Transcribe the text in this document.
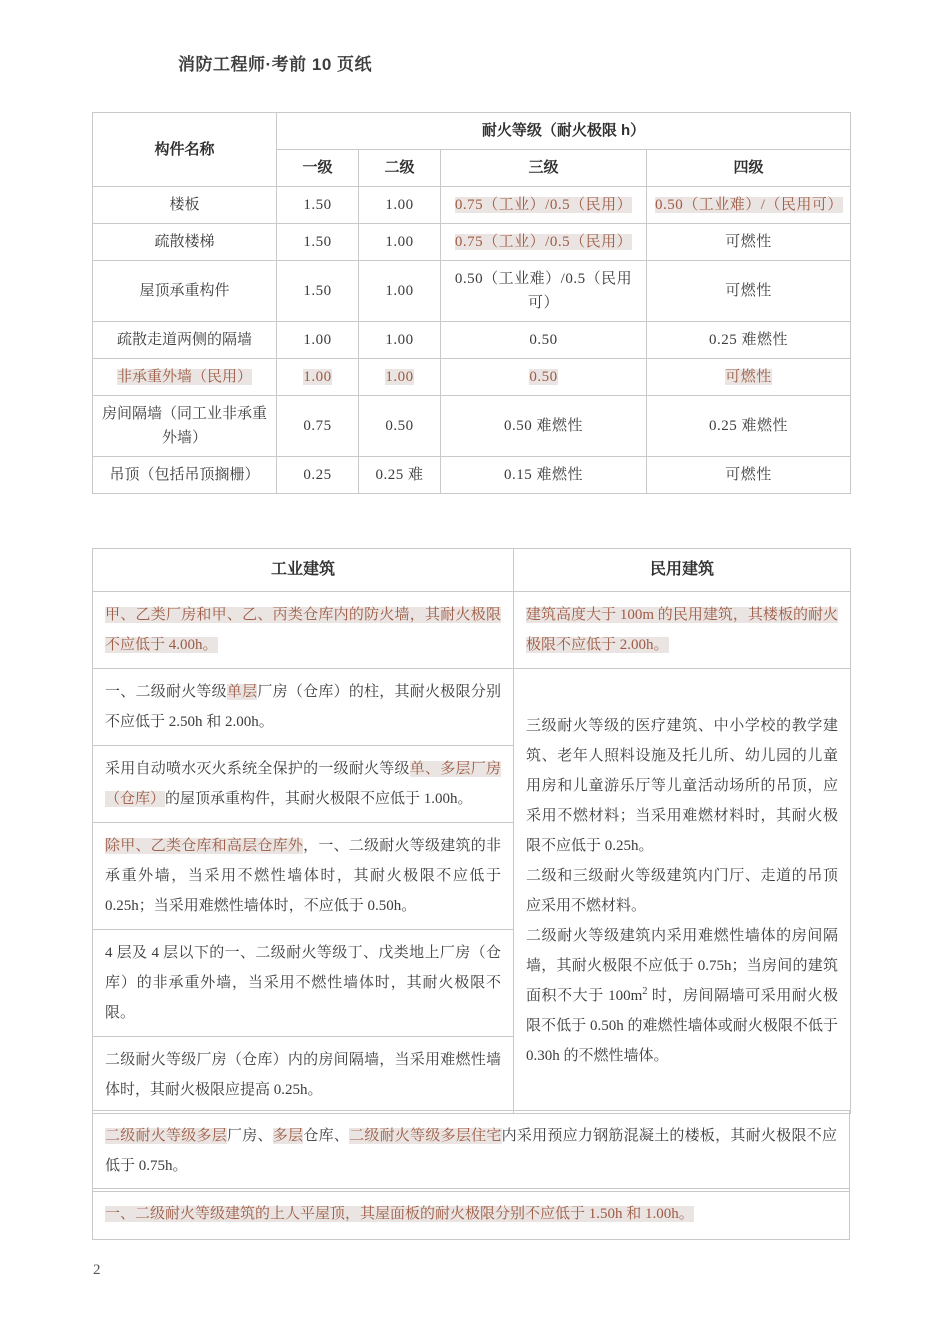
消防工程师·考前 10 页纸
构件名称	耐火等级（耐火极限 h）			
	一级	二级	三级	四级
楼板	1.50	1.00	0.75（工业）/0.5（民用）	0.50（工业难）/（民用可）
疏散楼梯	1.50	1.00	0.75（工业）/0.5（民用）	可燃性
屋顶承重构件	1.50	1.00	0.50（工业难）/0.5（民用可）	可燃性
疏散走道两侧的隔墙	1.00	1.00	0.50	0.25 难燃性
非承重外墙（民用）	1.00	1.00	0.50	可燃性
房间隔墙（同工业非承重外墙）	0.75	0.50	0.50 难燃性	0.25 难燃性
吊顶（包括吊顶搁栅）	0.25	0.25 难	0.15 难燃性	可燃性
工业建筑	民用建筑
甲、乙类厂房和甲、乙、丙类仓库内的防火墙，其耐火极限不应低于 4.00h。	建筑高度大于 100m 的民用建筑，其楼板的耐火极限不应低于 2.00h。
一、二级耐火等级单层厂房（仓库）的柱，其耐火极限分别不应低于 2.50h 和 2.00h。	三级耐火等级的医疗建筑、中小学校的教学建筑、老年人照料设施及托儿所、幼儿园的儿童用房和儿童游乐厅等儿童活动场所的吊顶，应采用不燃材料；当采用难燃材料时，其耐火极限不应低于 0.25h。
二级和三级耐火等级建筑内门厅、走道的吊顶应采用不燃材料。
二级耐火等级建筑内采用难燃性墙体的房间隔墙，其耐火极限不应低于 0.75h；当房间的建筑面积不大于 $100m^2$ 时，房间隔墙可采用耐火极限不低于 0.50h 的难燃性墙体或耐火极限不低于 0.30h 的不燃性墙体。

采用自动喷水灭火系统全保护的一级耐火等级单、多层厂房（仓库）的屋顶承重构件，其耐火极限不应低于 1.00h。	
除甲、乙类仓库和高层仓库外，一、二级耐火等级建筑的非承重外墙，当采用不燃性墙体时，其耐火极限不应低于 0.25h；当采用难燃性墙体时，不应低于 0.50h。	
4 层及 4 层以下的一、二级耐火等级丁、戊类地上厂房（仓库）的非承重外墙，当采用不燃性墙体时，其耐火极限不限。	
二级耐火等级厂房（仓库）内的房间隔墙，当采用难燃性墙体时，其耐火极限应提高 0.25h。	
二级耐火等级多层厂房、多层仓库、二级耐火等级多层住宅内采用预应力钢筋混凝土的楼板，其耐火极限不应低于 0.75h。
一、二级耐火等级建筑的上人平屋顶，其屋面板的耐火极限分别不应低于 1.50h 和 1.00h。
2
